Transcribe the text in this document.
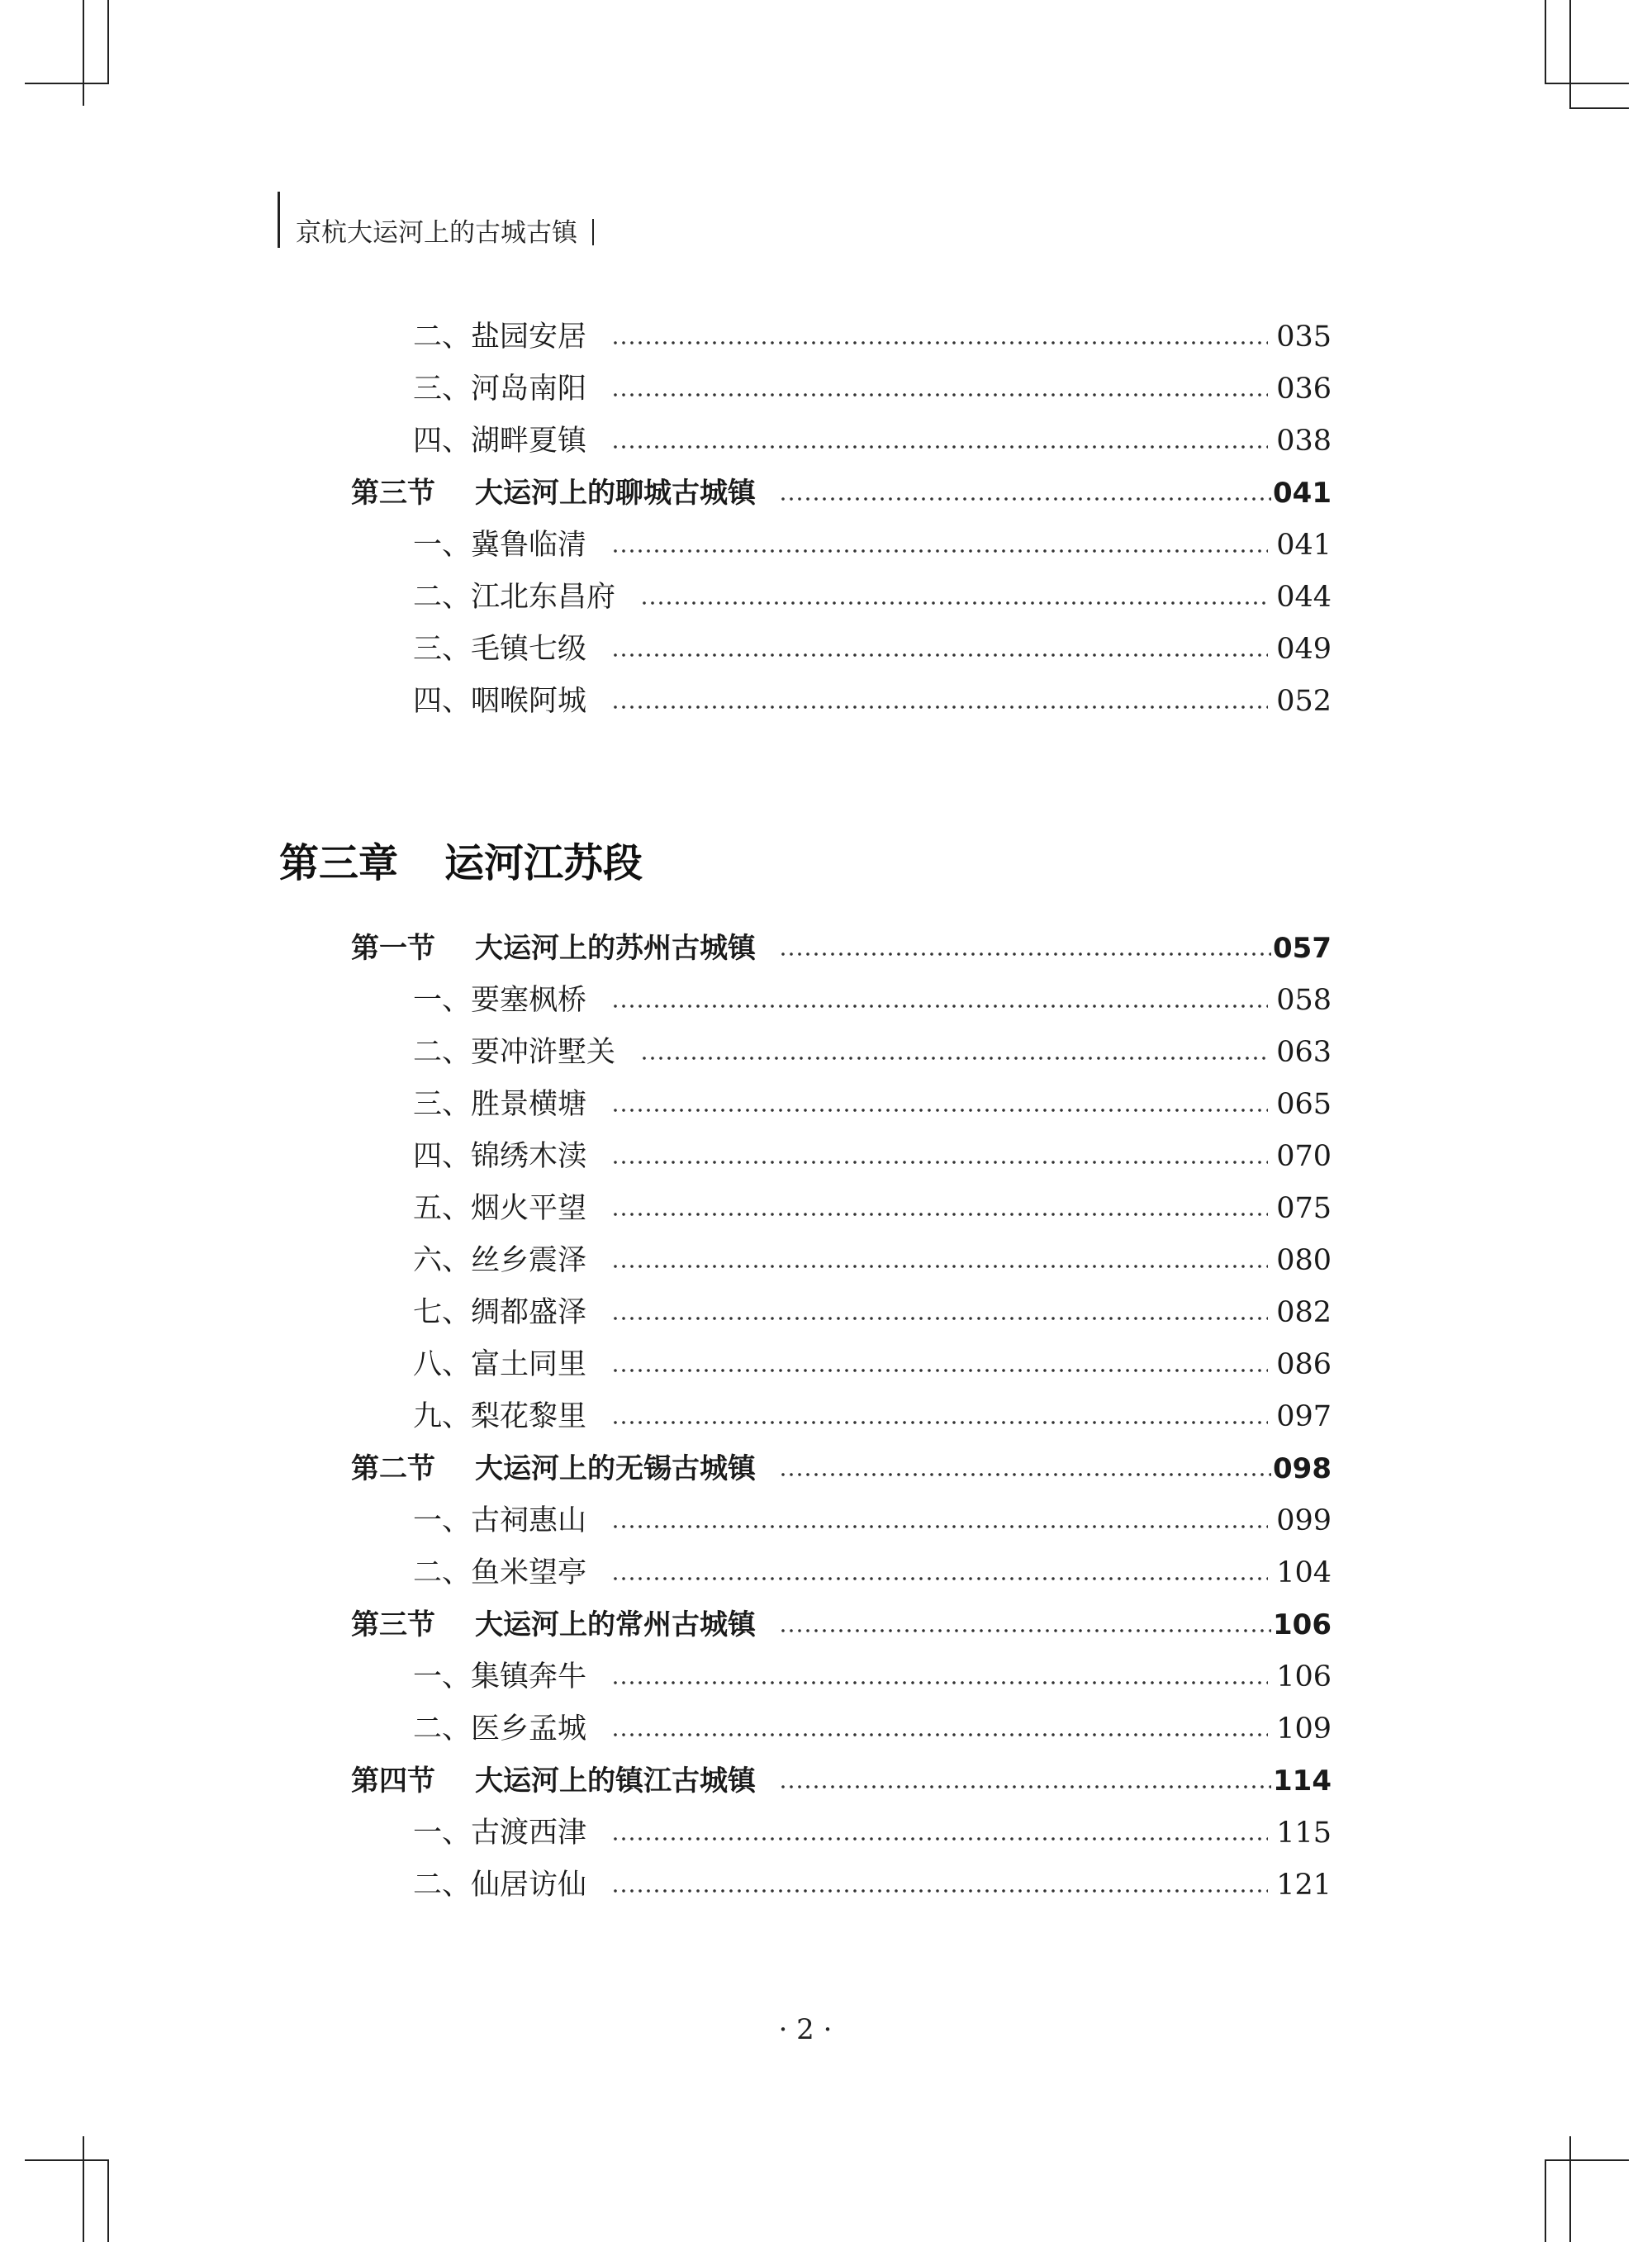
京杭大运河上的古城古镇
二、盐园安居	035
三、河岛南阳	036
四、湖畔夏镇	038
第三节 大运河上的聊城古城镇	041
一、冀鲁临清	041
二、江北东昌府	044
三、毛镇七级	049
四、咽喉阿城	052
第三章 运河江苏段
第一节 大运河上的苏州古城镇	057
一、要塞枫桥	058
二、要冲浒墅关	063
三、胜景横塘	065
四、锦绣木渎	070
五、烟火平望	075
六、丝乡震泽	080
七、绸都盛泽	082
八、富土同里	086
九、梨花黎里	097
第二节 大运河上的无锡古城镇	098
一、古祠惠山	099
二、鱼米望亭	104
第三节 大运河上的常州古城镇	106
一、集镇奔牛	106
二、医乡孟城	109
第四节 大运河上的镇江古城镇	114
一、古渡西津	115
二、仙居访仙	121
· 2 ·
